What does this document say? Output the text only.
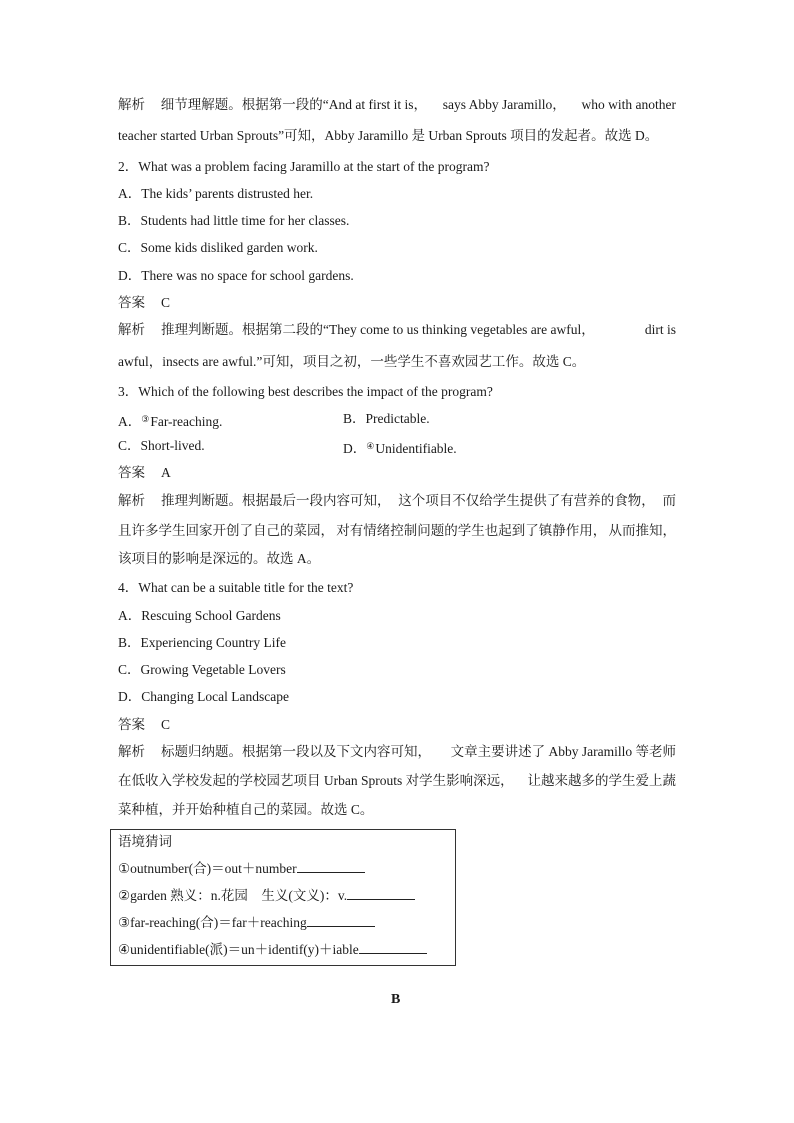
解析 细节理解题。根据第一段的“And at first it is， says Abby Jaramillo， who with another
teacher started Urban Sprouts”可知，Abby Jaramillo 是 Urban Sprouts 项目的发起者。故选 D。
2．What was a problem facing Jaramillo at the start of the program?
A．The kids’ parents distrusted her.
B．Students had little time for her classes.
C．Some kids disliked garden work.
D．There was no space for school gardens.
答案 C
解析 推理判断题。根据第二段的“They come to us thinking vegetables are awful，	dirt is
awful，insects are awful.”可知，项目之初，一些学生不喜欢园艺工作。故选 C。
3．Which of the following best describes the impact of the program?
A．③Far-reaching.	B．Predictable.
C．Short-lived.	D．④Unidentifiable.
答案 A
解析 推理判断题。根据最后一段内容可知， 这个项目不仅给学生提供了有营养的食物， 而
且许多学生回家开创了自己的菜园， 对有情绪控制问题的学生也起到了镇静作用， 从而推知，
该项目的影响是深远的。故选 A。
4．What can be a suitable title for the text?
A．Rescuing School Gardens
B．Experiencing Country Life
C．Growing Vegetable Lovers
D．Changing Local Landscape
答案 C
解析 标题归纳题。根据第一段以及下文内容可知， 文章主要讲述了 Abby Jaramillo 等老师
在低收入学校发起的学校园艺项目 Urban Sprouts 对学生影响深远， 让越来越多的学生爱上蔬
菜种植，并开始种植自己的菜园。故选 C。
语境猜词
①outnumber(合)＝out＋number
②garden 熟义：n.花园　生义(文义)：v.
③far-reaching(合)＝far＋reaching
④unidentifiable(派)＝un＋identif(y)＋iable
B
